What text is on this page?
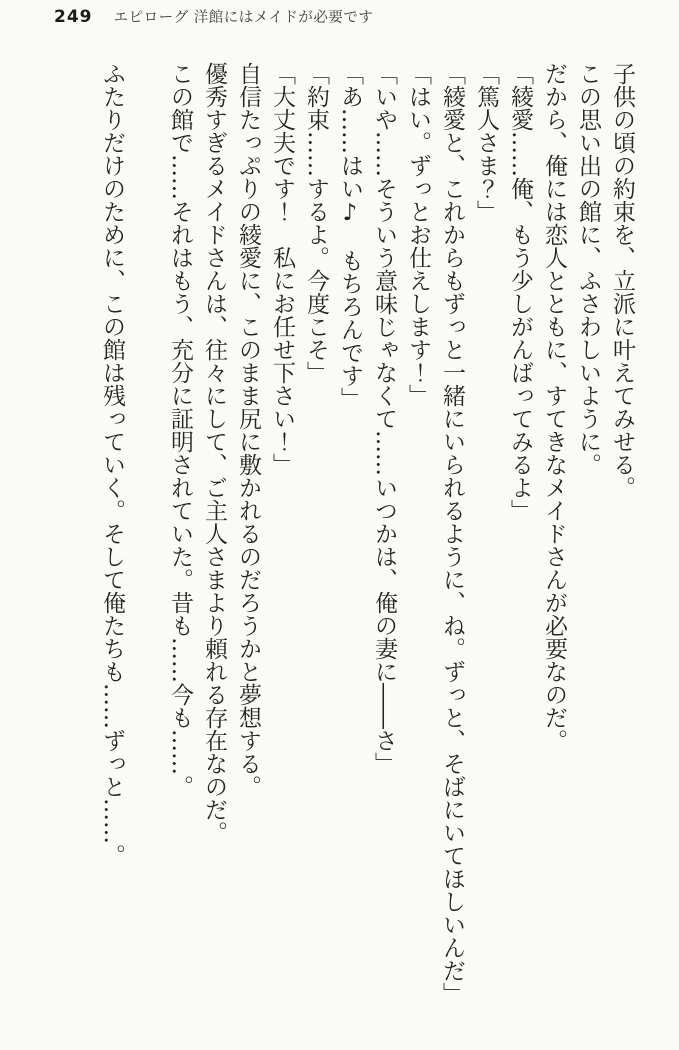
249 エピローグ 洋館にはメイドが必要です

子供の頃の約束を、立派に叶えてみせる。

この思い出の館に、ふさわしいように。

だから、俺には恋人とともに、すてきなメイドさんが必要なのだ。

「綾愛……俺、もう少しがんばってみるよ」

「篤人さま？」

「綾愛と、これからもずっと一緒にいられるように、ね。ずっと、そばにいてほしいんだ」

「はい。ずっとお仕えします！」

「いや……そういう意味じゃなくて……いつかは、俺の妻に――さ」

「あ……はい♪　もちろんです」

「約束……するよ。今度こそ」

「大丈夫です！　私にお任せ下さい！」

自信たっぷりの綾愛に、このまま尻に敷かれるのだろうかと夢想する。

優秀すぎるメイドさんは、往々にして、ご主人さまより頼れる存在なのだ。

この館で……それはもう、充分に証明されていた。昔も……今も……。

ふたりだけのために、この館は残っていく。そして俺たちも……ずっと……。
